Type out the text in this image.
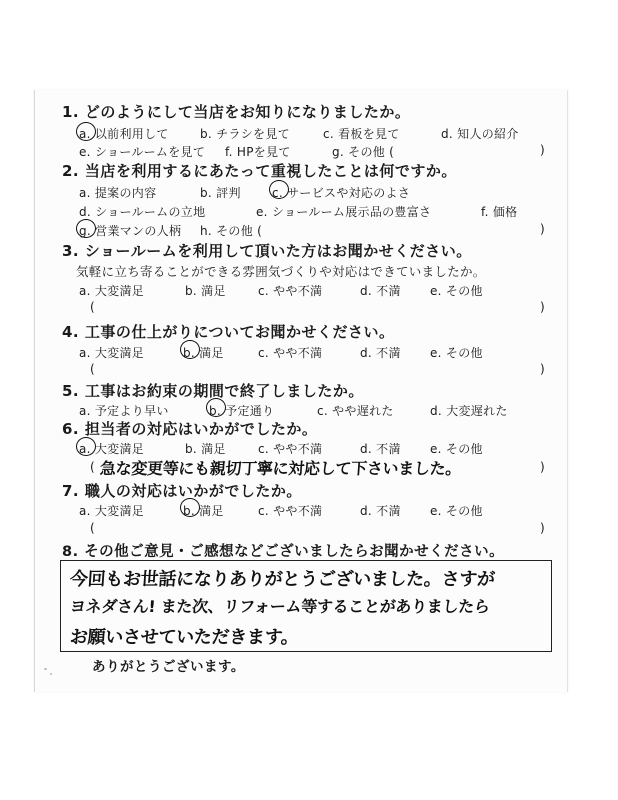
1. どのようにして当店をお知りになりましたか。
a. 以前利用して	b. チラシを見て	c. 看板を見て	d. 知人の紹介
e. ショールームを見て f. HPを見て	g. その他 (	)
2. 当店を利用するにあたって重視したことは何ですか。
a. 提案の内容	b. 評判	c. サービスや対応のよさ
d. ショールームの立地	e. ショールーム展示品の豊富さ	f. 価格
g. 営業マンの人柄 h. その他 (	)
3. ショールームを利用して頂いた方はお聞かせください。
気軽に立ち寄ることができる雰囲気づくりや対応はできていましたか。
a. 大変満足	b. 満足	c. やや不満	d. 不満 e. その他
(	)
4. 工事の仕上がりについてお聞かせください。
a. 大変満足	b. 満足	c. やや不満	d. 不満 e. その他
(	)
5. 工事はお約束の期間で終了しましたか。
a. 予定より早い	b. 予定通り	c. やや遅れた	d. 大変遅れた
6. 担当者の対応はいかがでしたか。
a. 大変満足	b. 満足	c. やや不満	d. 不満 e. その他
( 急な変更等にも親切丁寧に対応して下さいました。	)
7. 職人の対応はいかがでしたか。
a. 大変満足	b. 満足	c. やや不満	d. 不満 e. その他
(	)
8. その他ご意見・ご感想などございましたらお聞かせください。
今回もお世話になりありがとうございました。さすが
ヨネダさん! また次、リフォーム等することがありましたら
お願いさせていただきます。
ありがとうございます。
